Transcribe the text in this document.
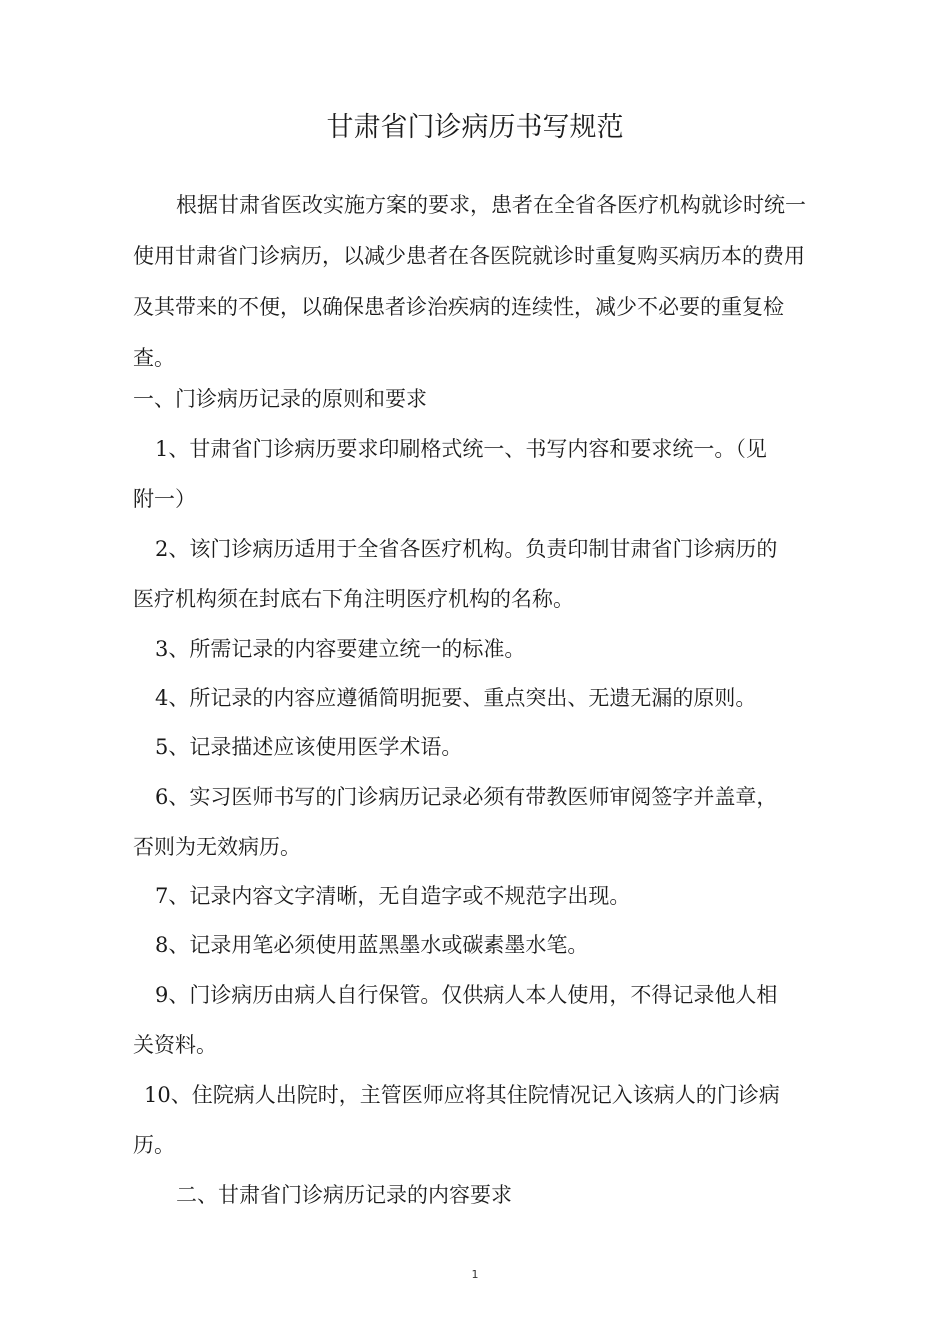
甘肃省门诊病历书写规范

根据甘肃省医改实施方案的要求，患者在全省各医疗机构就诊时统一使用甘肃省门诊病历，以减少患者在各医院就诊时重复购买病历本的费用及其带来的不便，以确保患者诊治疾病的连续性，减少不必要的重复检查。

一、门诊病历记录的原则和要求
1、甘肃省门诊病历要求印刷格式统一、书写内容和要求统一。（见
附一）
2、该门诊病历适用于全省各医疗机构。负责印制甘肃省门诊病历的
医疗机构须在封底右下角注明医疗机构的名称。
3、所需记录的内容要建立统一的标准。
4、所记录的内容应遵循简明扼要、重点突出、无遗无漏的原则。
5、记录描述应该使用医学术语。
6、实习医师书写的门诊病历记录必须有带教医师审阅签字并盖章，
否则为无效病历。
7、记录内容文字清晰，无自造字或不规范字出现。
8、记录用笔必须使用蓝黑墨水或碳素墨水笔。
9、门诊病历由病人自行保管。仅供病人本人使用，不得记录他人相
关资料。
10、住院病人出院时，主管医师应将其住院情况记入该病人的门诊病
历。
二、甘肃省门诊病历记录的内容要求
1
